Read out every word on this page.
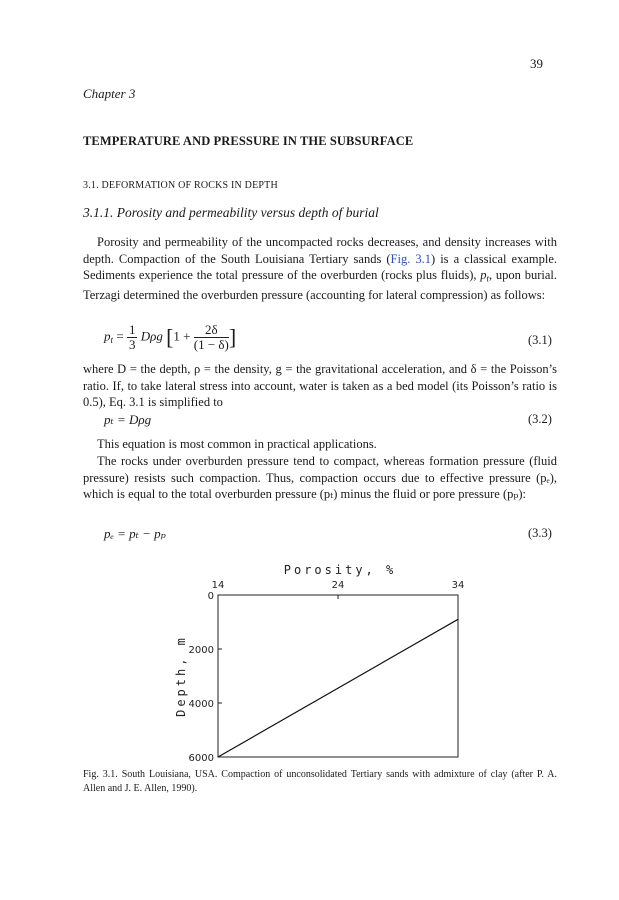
39
Chapter 3
TEMPERATURE AND PRESSURE IN THE SUBSURFACE
3.1. DEFORMATION OF ROCKS IN DEPTH
3.1.1. Porosity and permeability versus depth of burial

Porosity and permeability of the uncompacted rocks decreases, and density increases with depth. Compaction of the South Louisiana Tertiary sands (Fig. 3.1) is a classical example. Sediments experience the total pressure of the overburden (rocks plus fluids), $p_t$, upon burial. Terzagi determined the overburden pressure (accounting for lateral compression) as follows:

$p_t = \frac{1}{3}$ Dρg [$1 + \frac{2\delta}{(1 - \delta)}$ ]	(3.1)

where D = the depth, ρ = the density, g = the gravitational acceleration, and δ = the Poisson’s ratio. If, to take lateral stress into account, water is taken as a bed model (its Poisson’s ratio is 0.5), Eq. 3.1 is simplified to

pₜ = Dρg	(3.2)

This equation is most common in practical applications.

The rocks under overburden pressure tend to compact, whereas formation pressure (fluid pressure) resists such compaction. Thus, compaction occurs due to effective pressure (pₑ), which is equal to the total overburden pressure (pₜ) minus the fluid or pore pressure (pₚ):

pₑ = pₜ − pₚ	(3.3)
Porosity, %
14	24	34
0
2000
4000
6000
Depth, m
Fig. 3.1. South Louisiana, USA. Compaction of unconsolidated Tertiary sands with admixture of clay (after P. A. Allen and J. E. Allen, 1990).
